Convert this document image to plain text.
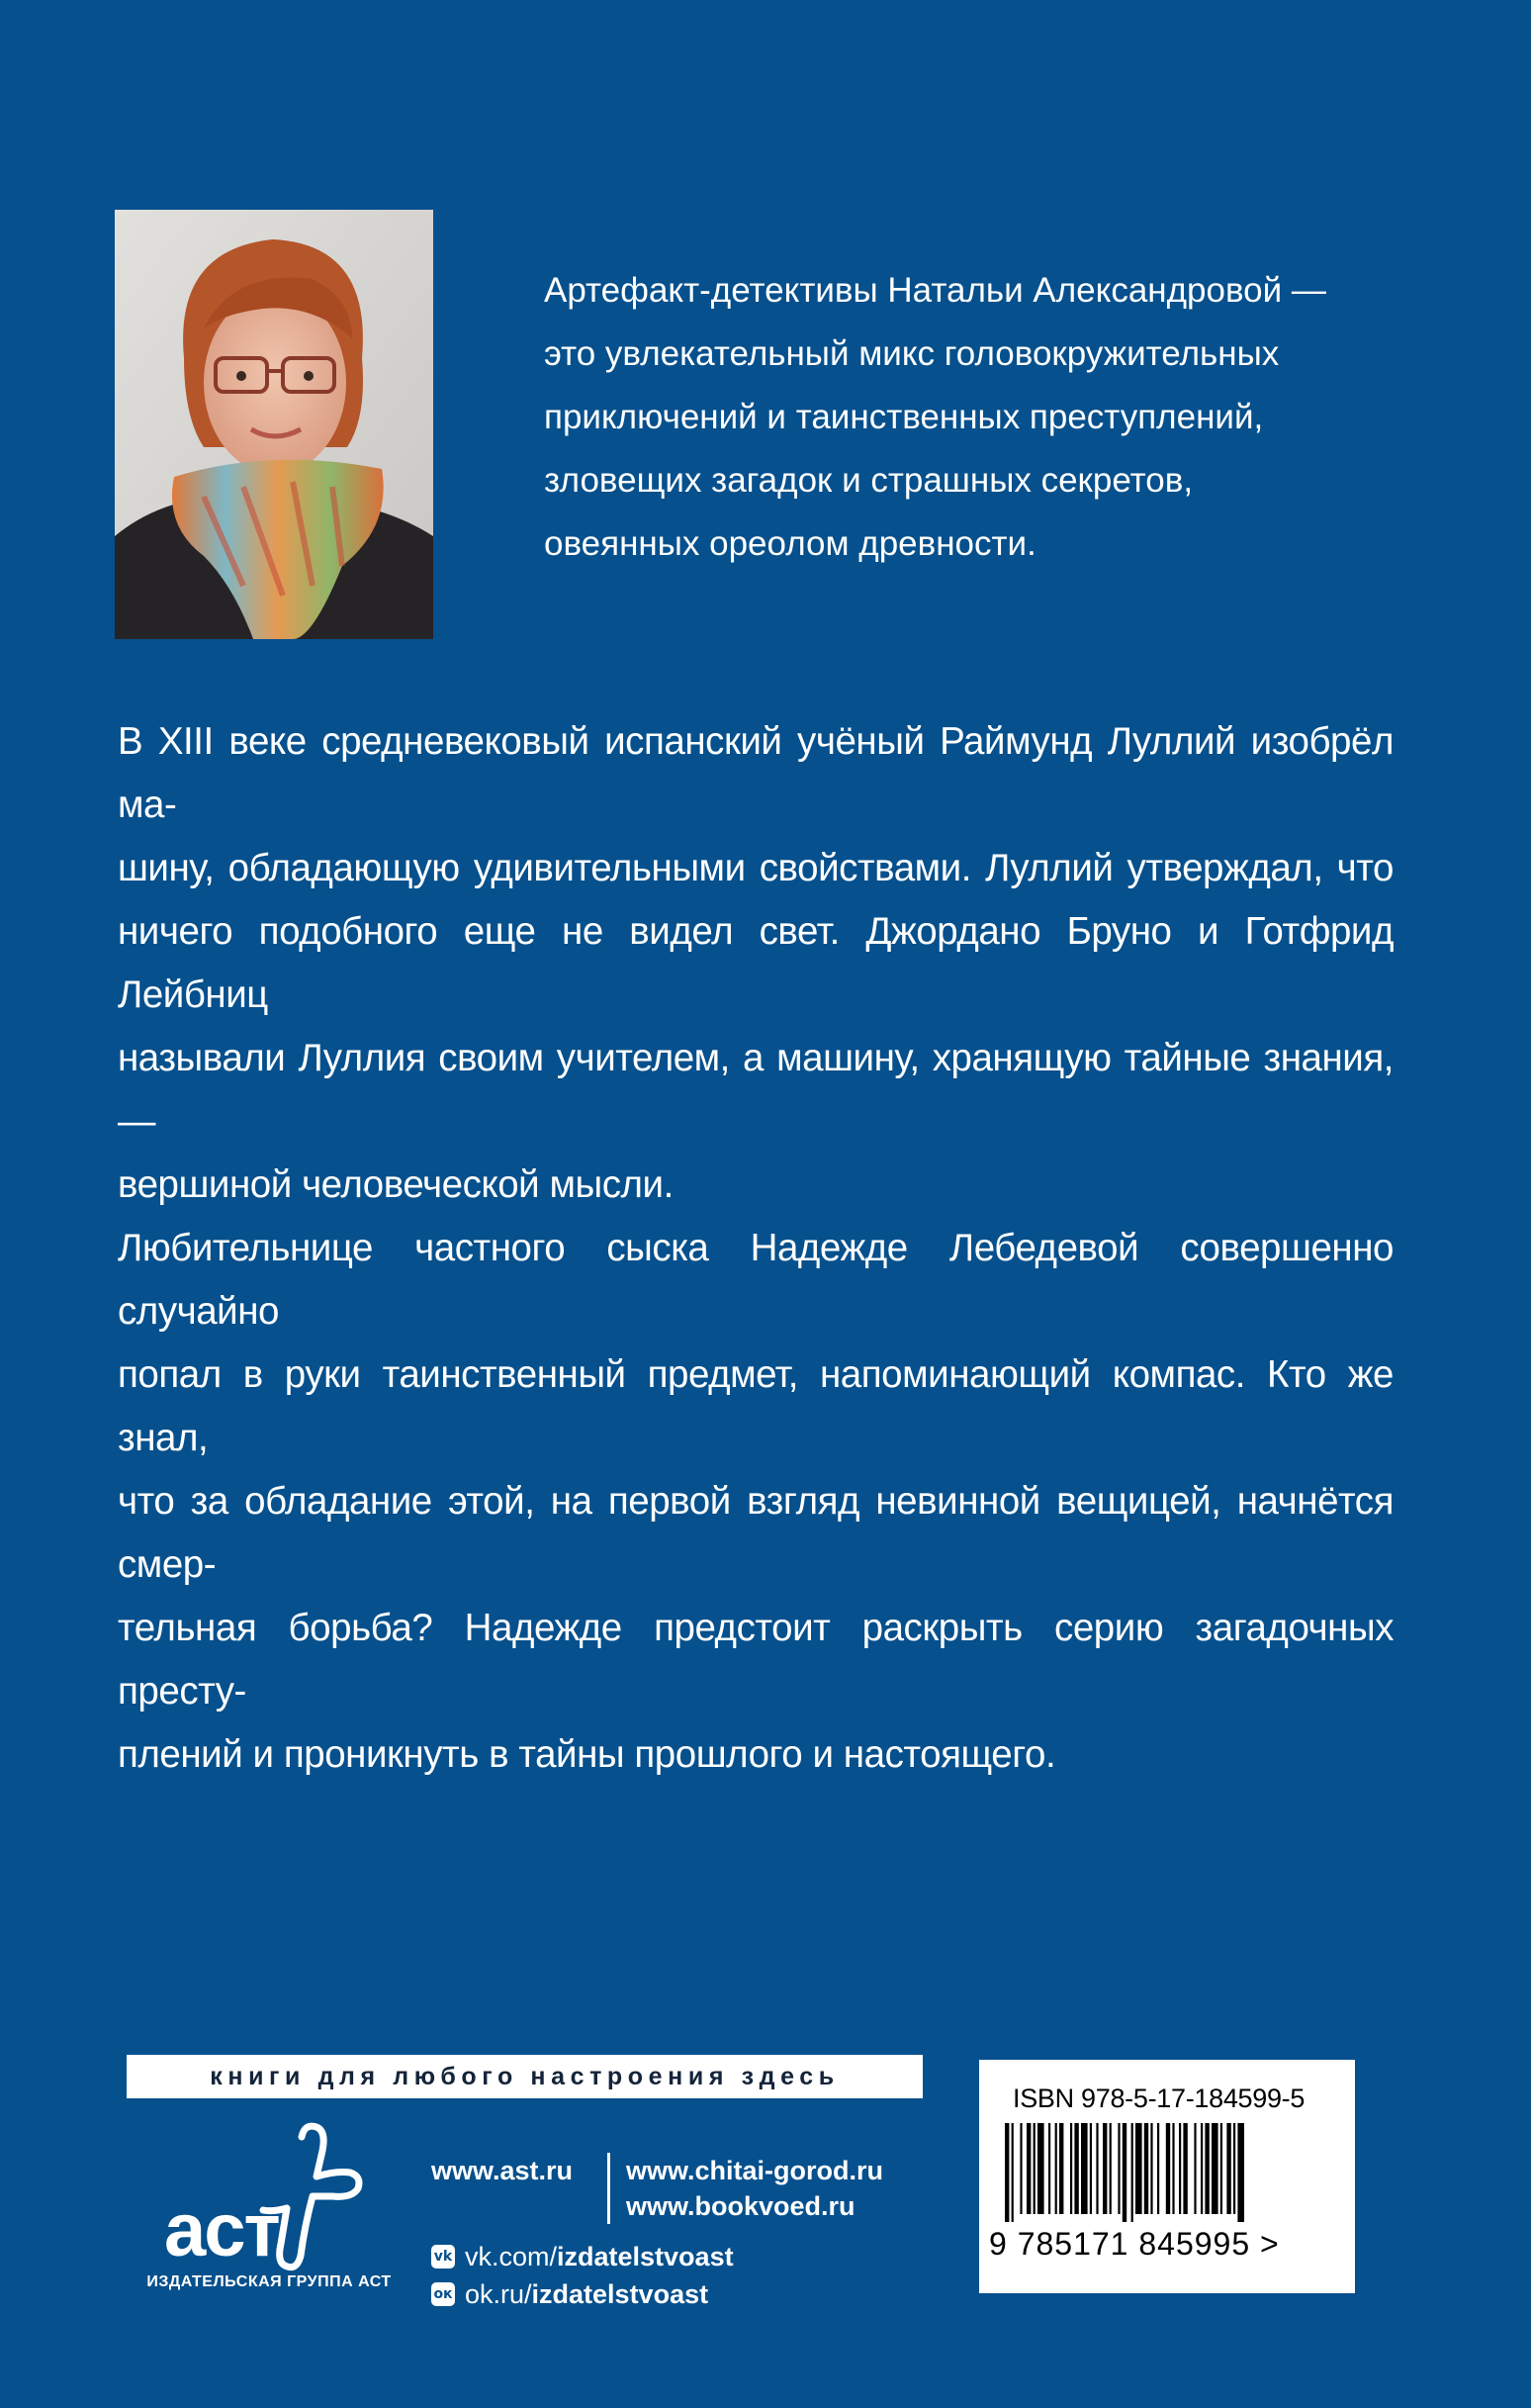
Артефакт-детективы Натальи Александровой —
это увлекательный микс головокружительных
приключений и таинственных преступлений,
зловещих загадок и страшных секретов,
овеянных ореолом древности.
В XIII веке средневековый испанский учёный Раймунд Луллий изобрёл ма-
шину, обладающую удивительными свойствами. Луллий утверждал, что
ничего подобного еще не видел свет. Джордано Бруно и Готфрид Лейбниц
называли Луллия своим учителем, а машину, хранящую тайные знания, —
вершиной человеческой мысли.
Любительнице частного сыска Надежде Лебедевой совершенно случайно
попал в руки таинственный предмет, напоминающий компас. Кто же знал,
что за обладание этой, на первой взгляд невинной вещицей, начнётся смер-
тельная борьба? Надежде предстоит раскрыть серию загадочных престу-
плений и проникнуть в тайны прошлого и настоящего.
книги для любого настроения здесь
аст
ИЗДАТЕЛЬСКАЯ ГРУППА АСТ
www.ast.ru	www.chitai-gorod.ru
www.bookvoed.ru
vk vk.com/ izdatelstvoast
ок ok.ru/ izdatelstvoast
ISBN 978-5-17-184599-5
9 785171 845995 >
